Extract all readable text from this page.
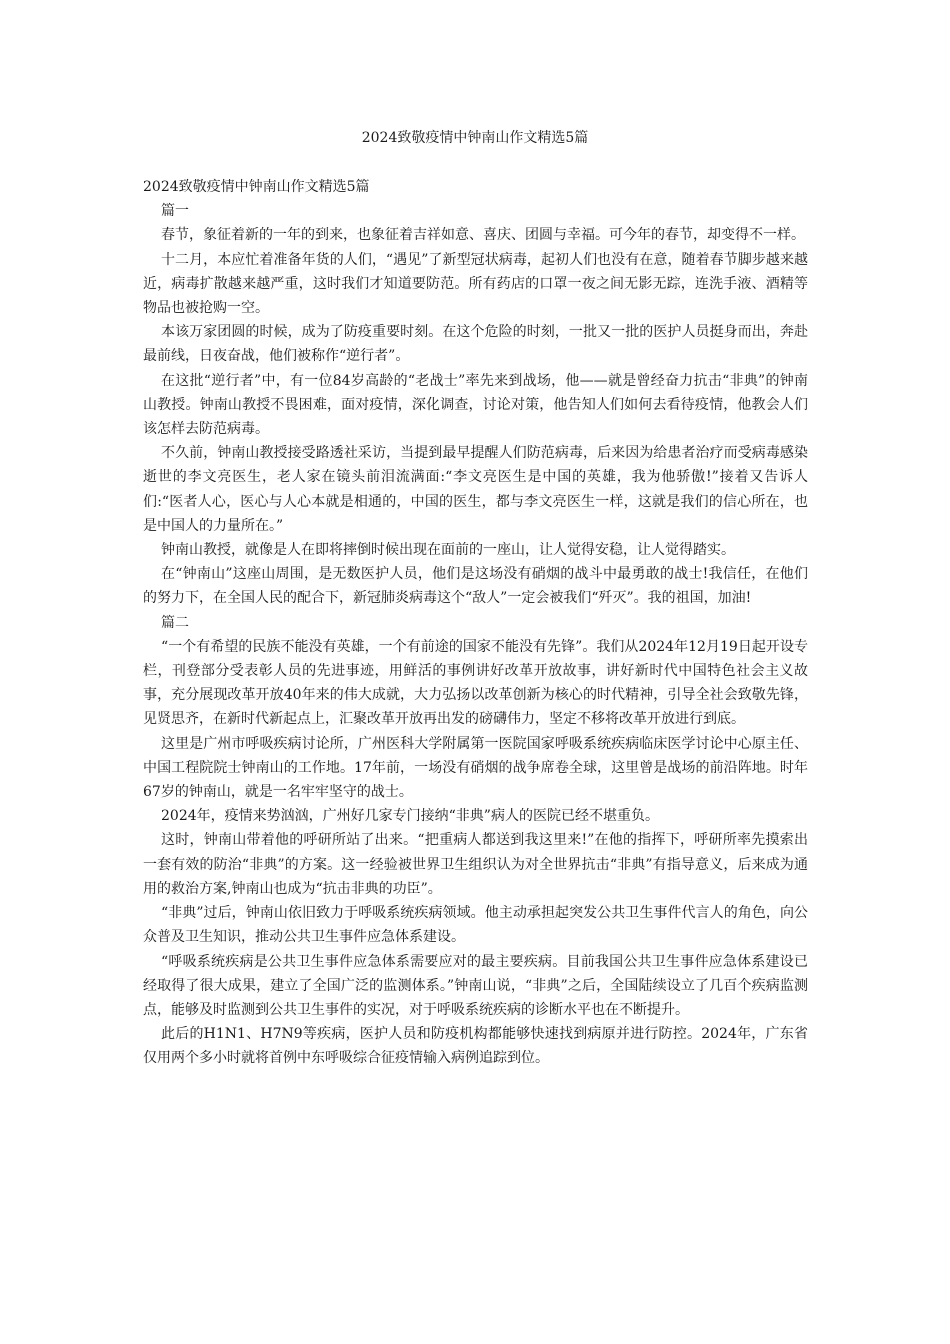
2024致敬疫情中钟南山作文精选5篇

2024致敬疫情中钟南山作文精选5篇

篇一

春节，象征着新的一年的到来，也象征着吉祥如意、喜庆、团圆与幸福。可今年的春节，却变得不一样。

十二月，本应忙着准备年货的人们，“遇见”了新型冠状病毒，起初人们也没有在意，随着春节脚步越来越近，病毒扩散越来越严重，这时我们才知道要防范。所有药店的口罩一夜之间无影无踪，连洗手液、酒精等物品也被抢购一空。

本该万家团圆的时候，成为了防疫重要时刻。在这个危险的时刻，一批又一批的医护人员挺身而出，奔赴最前线，日夜奋战，他们被称作“逆行者”。

在这批“逆行者”中，有一位84岁高龄的“老战士”率先来到战场，他——就是曾经奋力抗击“非典”的钟南山教授。钟南山教授不畏困难，面对疫情，深化调查，讨论对策，他告知人们如何去看待疫情，他教会人们该怎样去防范病毒。

不久前，钟南山教授接受路透社采访，当提到最早提醒人们防范病毒，后来因为给患者治疗而受病毒感染逝世的李文亮医生，老人家在镜头前泪流满面:“李文亮医生是中国的英雄，我为他骄傲!”接着又告诉人们:“医者人心，医心与人心本就是相通的，中国的医生，都与李文亮医生一样，这就是我们的信心所在，也是中国人的力量所在。”

钟南山教授，就像是人在即将摔倒时候出现在面前的一座山，让人觉得安稳，让人觉得踏实。

在“钟南山”这座山周围，是无数医护人员，他们是这场没有硝烟的战斗中最勇敢的战士!我信任，在他们的努力下，在全国人民的配合下，新冠肺炎病毒这个“敌人”一定会被我们“歼灭”。我的祖国，加油!

篇二

“一个有希望的民族不能没有英雄，一个有前途的国家不能没有先锋”。我们从2024年12月19日起开设专栏，刊登部分受表彰人员的先进事迹，用鲜活的事例讲好改革开放故事，讲好新时代中国特色社会主义故事，充分展现改革开放40年来的伟大成就，大力弘扬以改革创新为核心的时代精神，引导全社会致敬先锋，见贤思齐，在新时代新起点上，汇聚改革开放再出发的磅礴伟力，坚定不移将改革开放进行到底。

这里是广州市呼吸疾病讨论所，广州医科大学附属第一医院国家呼吸系统疾病临床医学讨论中心原主任、中国工程院院士钟南山的工作地。17年前，一场没有硝烟的战争席卷全球，这里曾是战场的前沿阵地。时年67岁的钟南山，就是一名牢牢坚守的战士。

2024年，疫情来势汹汹，广州好几家专门接纳“非典”病人的医院已经不堪重负。

这时，钟南山带着他的呼研所站了出来。“把重病人都送到我这里来!”在他的指挥下，呼研所率先摸索出一套有效的防治“非典”的方案。这一经验被世界卫生组织认为对全世界抗击“非典”有指导意义，后来成为通用的救治方案,钟南山也成为“抗击非典的功臣”。

“非典”过后，钟南山依旧致力于呼吸系统疾病领域。他主动承担起突发公共卫生事件代言人的角色，向公众普及卫生知识，推动公共卫生事件应急体系建设。

“呼吸系统疾病是公共卫生事件应急体系需要应对的最主要疾病。目前我国公共卫生事件应急体系建设已经取得了很大成果，建立了全国广泛的监测体系。”钟南山说，“非典”之后，全国陆续设立了几百个疾病监测点，能够及时监测到公共卫生事件的实况，对于呼吸系统疾病的诊断水平也在不断提升。

此后的H1N1、H7N9等疾病，医护人员和防疫机构都能够快速找到病原并进行防控。2024年，广东省仅用两个多小时就将首例中东呼吸综合征疫情输入病例追踪到位。
